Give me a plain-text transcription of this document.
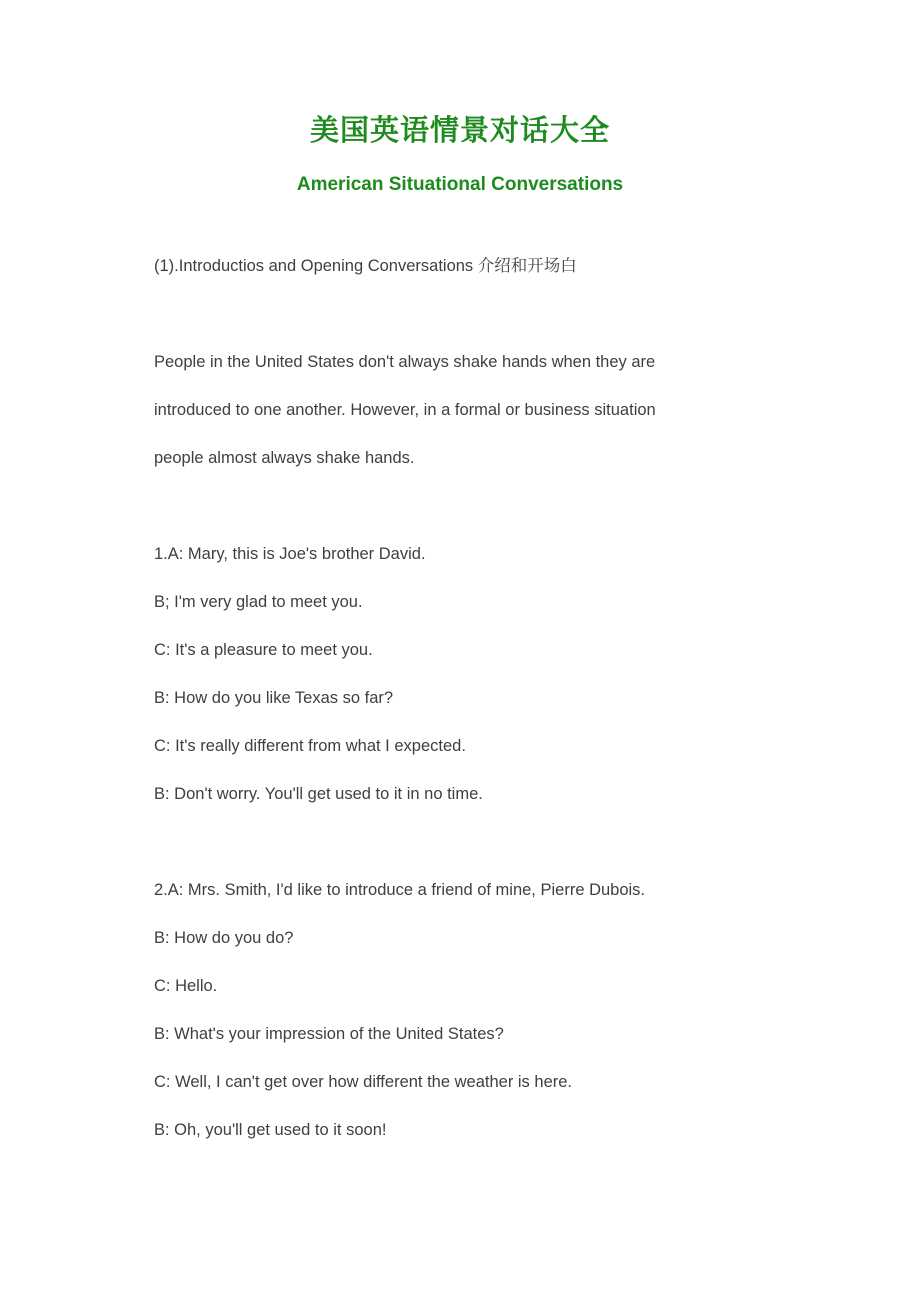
美国英语情景对话大全
American Situational Conversations
(1).Introductios and Opening Conversations 介绍和开场白
People in the United States don't always shake hands when they are
introduced to one another. However, in a formal or business situation
people almost always shake hands.
1.A: Mary, this is Joe's brother David.
B; I'm very glad to meet you.
C: It's a pleasure to meet you.
B: How do you like Texas so far?
C: It's really different from what I expected.
B: Don't worry. You'll get used to it in no time.
2.A: Mrs. Smith, I'd like to introduce a friend of mine, Pierre Dubois.
B: How do you do?
C: Hello.
B: What's your impression of the United States?
C: Well, I can't get over how different the weather is here.
B: Oh, you'll get used to it soon!
